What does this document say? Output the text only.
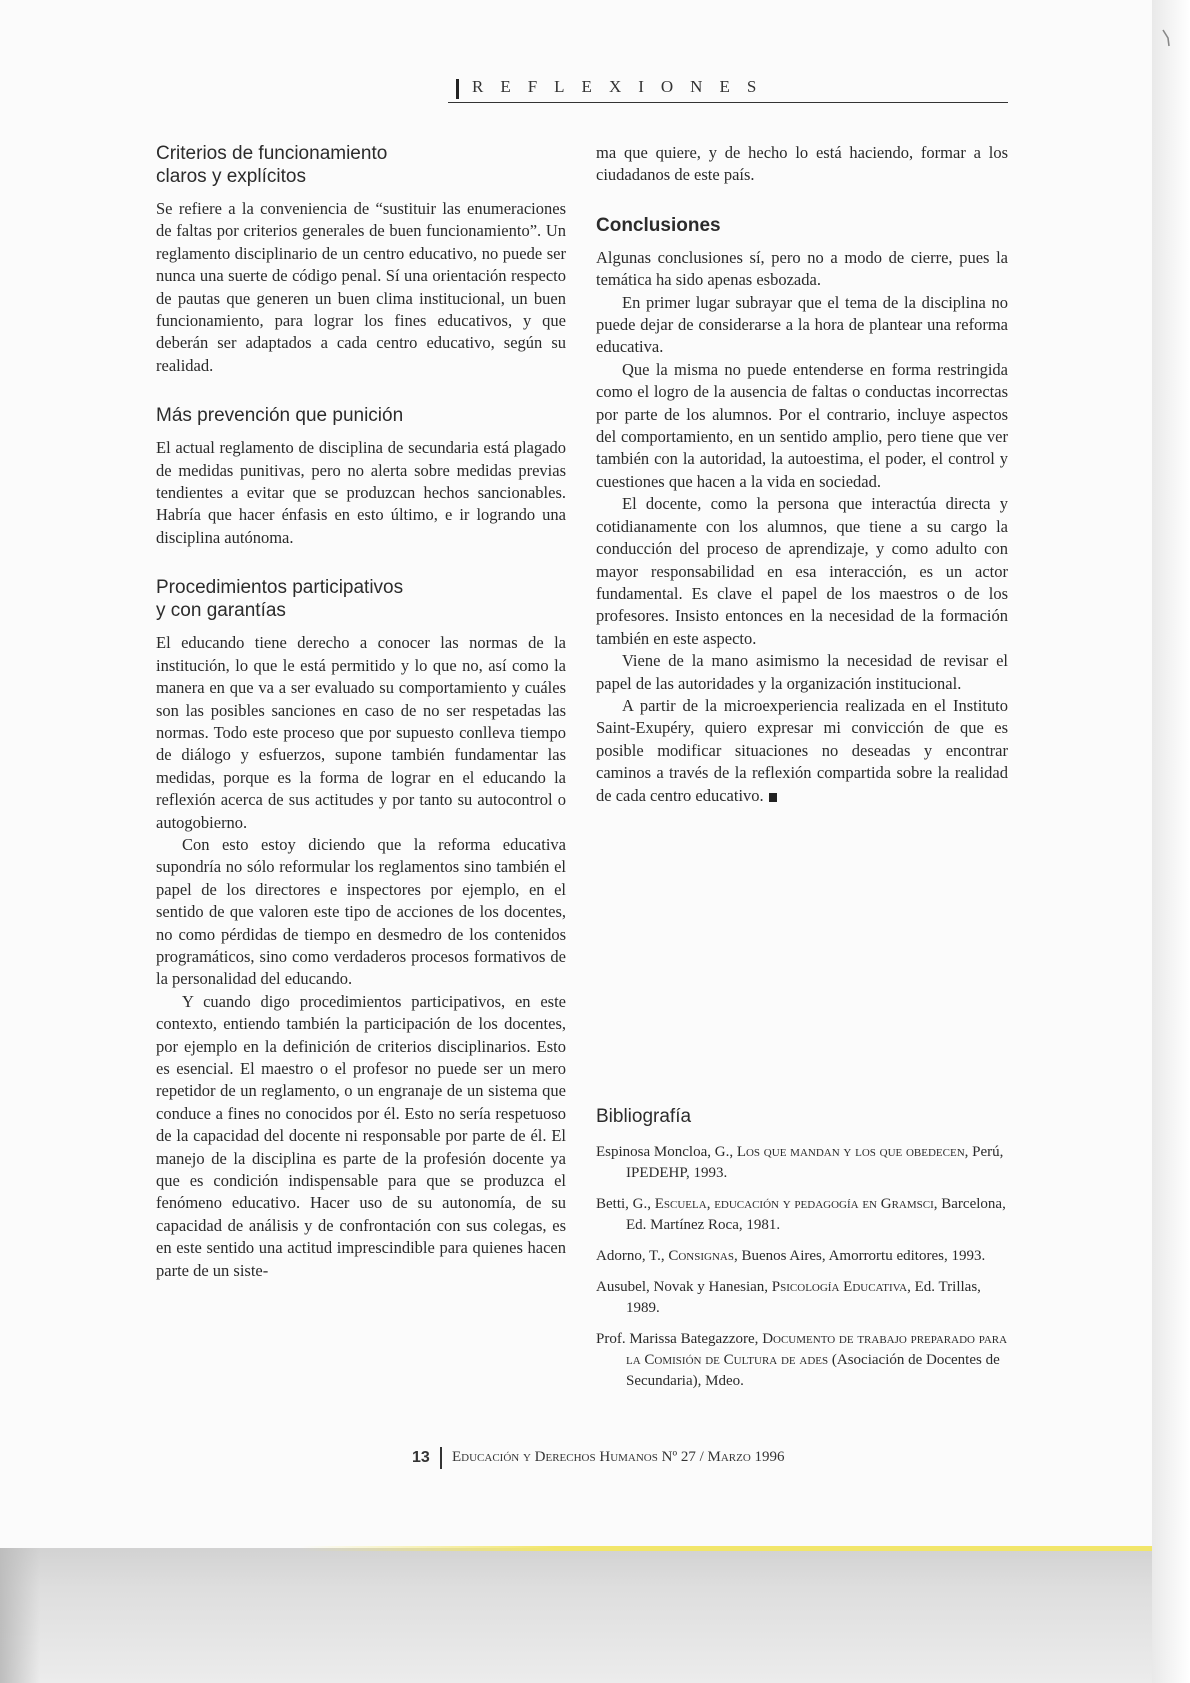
REFLEXIONES
Criterios de funcionamiento
claros y explícitos

Se refiere a la conveniencia de “sustituir las enumeraciones de faltas por criterios generales de buen funcionamiento”. Un reglamento disciplinario de un centro educativo, no puede ser nunca una suerte de código penal. Sí una orientación respecto de pautas que generen un buen clima institucional, un buen funcionamiento, para lograr los fines educativos, y que deberán ser adaptados a cada centro educativo, según su realidad.

Más prevención que punición

El actual reglamento de disciplina de secundaria está plagado de medidas punitivas, pero no alerta sobre medidas previas tendientes a evitar que se produzcan hechos sancionables. Habría que hacer énfasis en esto último, e ir logrando una disciplina autónoma.

Procedimientos participativos
y con garantías

El educando tiene derecho a conocer las normas de la institución, lo que le está permitido y lo que no, así como la manera en que va a ser evaluado su comportamiento y cuáles son las posibles sanciones en caso de no ser respetadas las normas. Todo este proceso que por supuesto conlleva tiempo de diálogo y esfuerzos, supone también fundamentar las medidas, porque es la forma de lograr en el educando la reflexión acerca de sus actitudes y por tanto su autocontrol o autogobierno.

Con esto estoy diciendo que la reforma educativa supondría no sólo reformular los reglamentos sino también el papel de los directores e inspectores por ejemplo, en el sentido de que valoren este tipo de acciones de los docentes, no como pérdidas de tiempo en desmedro de los contenidos programáticos, sino como verdaderos procesos formativos de la personalidad del educando.

Y cuando digo procedimientos participativos, en este contexto, entiendo también la participación de los docentes, por ejemplo en la definición de criterios disciplinarios. Esto es esencial. El maestro o el profesor no puede ser un mero repetidor de un reglamento, o un engranaje de un sistema que conduce a fines no conocidos por él. Esto no sería respetuoso de la capacidad del docente ni responsable por parte de él. El manejo de la disciplina es parte de la profesión docente ya que es condición indispensable para que se produzca el fenómeno educativo. Hacer uso de su autonomía, de su capacidad de análisis y de confrontación con sus colegas, es en este sentido una actitud imprescindible para quienes hacen parte de un siste-

ma que quiere, y de hecho lo está haciendo, formar a los ciudadanos de este país.

Conclusiones

Algunas conclusiones sí, pero no a modo de cierre, pues la temática ha sido apenas esbozada.

En primer lugar subrayar que el tema de la disciplina no puede dejar de considerarse a la hora de plantear una reforma educativa.

Que la misma no puede entenderse en forma restringida como el logro de la ausencia de faltas o conductas incorrectas por parte de los alumnos. Por el contrario, incluye aspectos del comportamiento, en un sentido amplio, pero tiene que ver también con la autoridad, la autoestima, el poder, el control y cuestiones que hacen a la vida en sociedad.

El docente, como la persona que interactúa directa y cotidianamente con los alumnos, que tiene a su cargo la conducción del proceso de aprendizaje, y como adulto con mayor responsabilidad en esa interacción, es un actor fundamental. Es clave el papel de los maestros o de los profesores. Insisto entonces en la necesidad de la formación también en este aspecto.

Viene de la mano asimismo la necesidad de revisar el papel de las autoridades y la organización institucional.

A partir de la microexperiencia realizada en el Instituto Saint-Exupéry, quiero expresar mi convicción de que es posible modificar situaciones no deseadas y encontrar caminos a través de la reflexión compartida sobre la realidad de cada centro educativo.

Bibliografía

Espinosa Moncloa, G., Los que mandan y los que obedecen, Perú, IPEDEHP, 1993.

Betti, G., Escuela, educación y pedagogía en Gramsci, Barcelona, Ed. Martínez Roca, 1981.

Adorno, T., Consignas, Buenos Aires, Amorrortu editores, 1993.

Ausubel, Novak y Hanesian, Psicología Educativa, Ed. Trillas, 1989.

Prof. Marissa Bategazzore, Documento de trabajo preparado para la Comisión de Cultura de ades (Asociación de Docentes de Secundaria), Mdeo.

13 Educación y Derechos Humanos Nº 27 / Marzo 1996
